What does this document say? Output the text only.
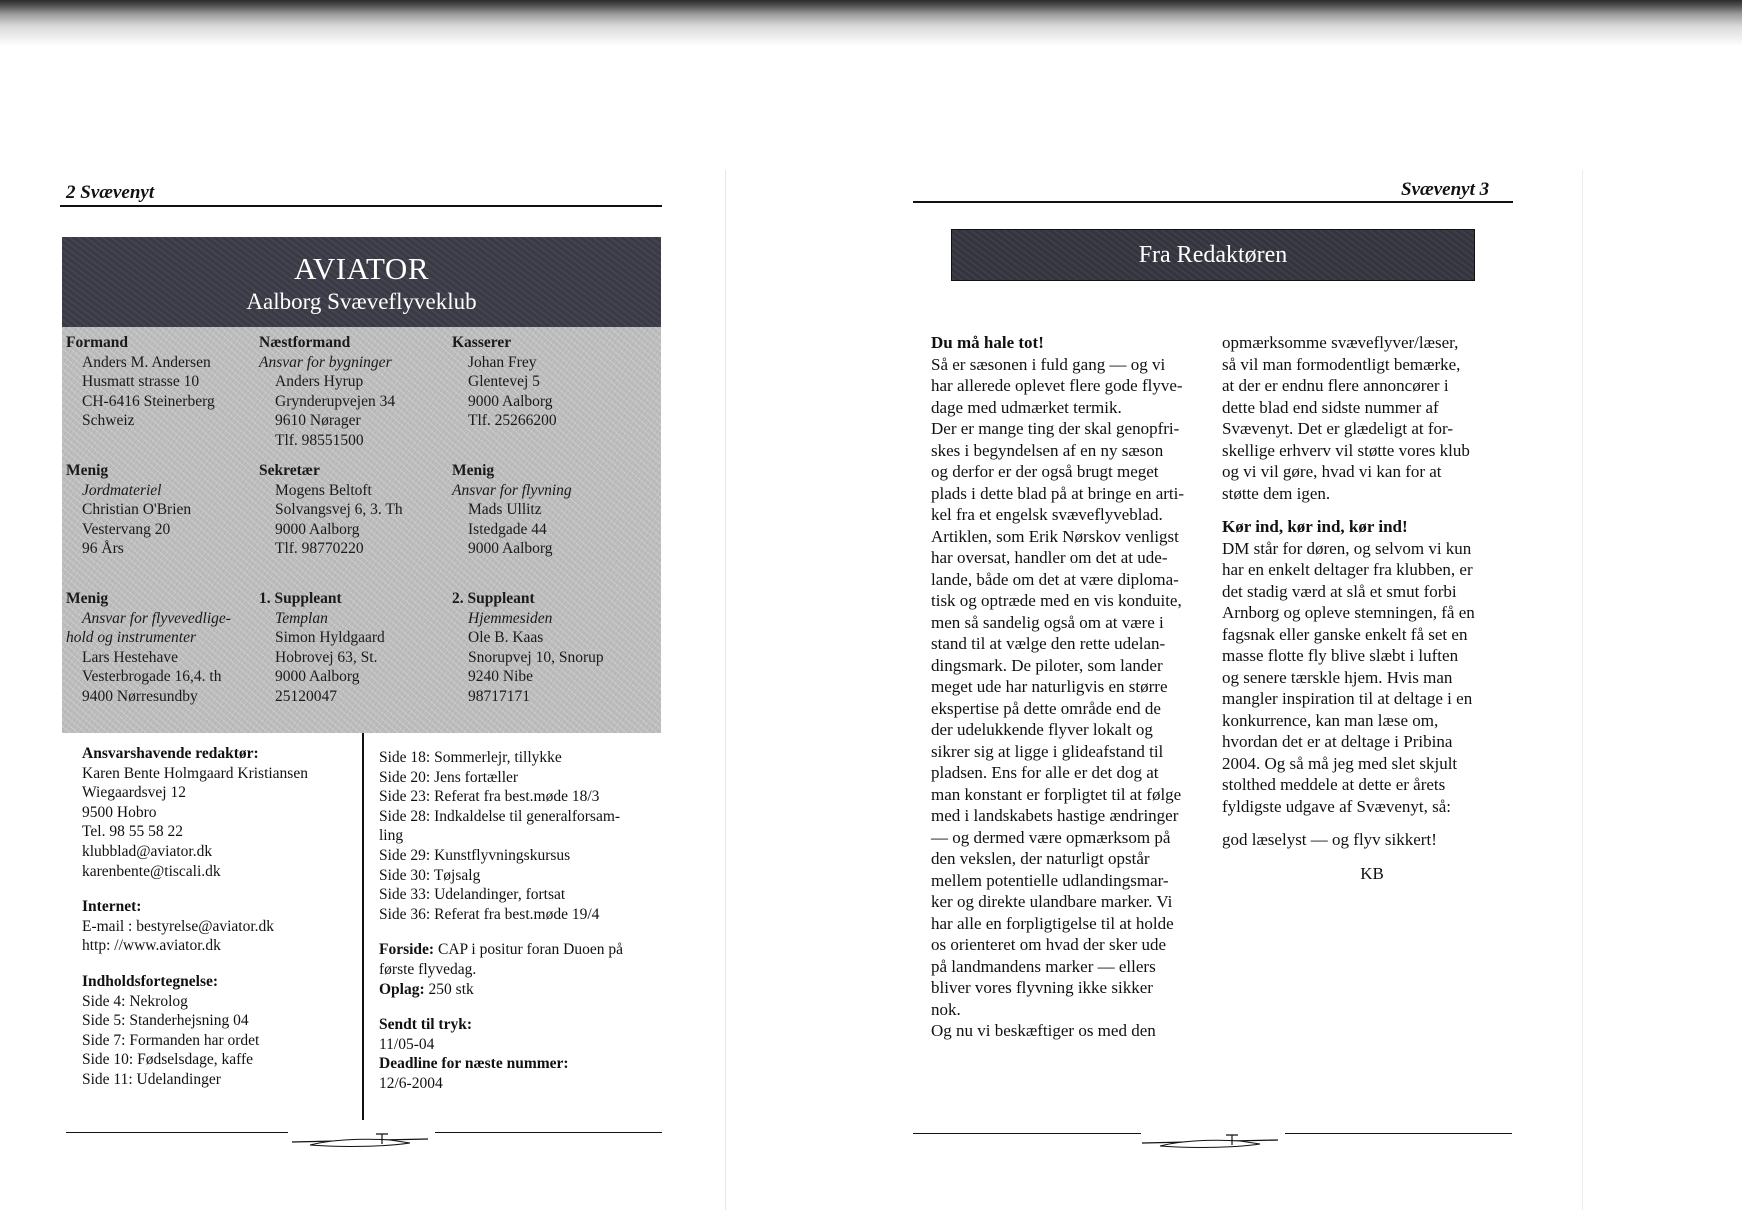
2 Svævenyt
AVIATOR
Aalborg Svæveflyveklub
Formand
Anders M. Andersen
Husmatt strasse 10
CH-6416 Steinerberg
Schweiz
Næstformand
Ansvar for bygninger
Anders Hyrup
Grynderupvejen 34
9610 Nørager
Tlf. 98551500
Kasserer
Johan Frey
Glentevej 5
9000 Aalborg
Tlf. 25266200
Menig
Jordmateriel
Christian O'Brien
Vestervang 20
96 Års
Sekretær
Mogens Beltoft
Solvangsvej 6, 3. Th
9000 Aalborg
Tlf. 98770220
Menig
Ansvar for flyvning
Mads Ullitz
Istedgade 44
9000 Aalborg
Menig
Ansvar for flyvevedlige-
hold og instrumenter
Lars Hestehave
Vesterbrogade 16,4. th
9400 Nørresundby
1. Suppleant
Templan
Simon Hyldgaard
Hobrovej 63, St.
9000 Aalborg
25120047
2. Suppleant
Hjemmesiden
Ole B. Kaas
Snorupvej 10, Snorup
9240 Nibe
98717171
Ansvarshavende redaktør:
Karen Bente Holmgaard Kristiansen
Wiegaardsvej 12
9500 Hobro
Tel. 98 55 58 22
klubblad@aviator.dk
karenbente@tiscali.dk
Internet:
E-mail : bestyrelse@aviator.dk
http: //www.aviator.dk
Indholdsfortegnelse:
Side 4: Nekrolog
Side 5: Standerhejsning 04
Side 7: Formanden har ordet
Side 10: Fødselsdage, kaffe
Side 11: Udelandinger
Side 18: Sommerlejr, tillykke
Side 20: Jens fortæller
Side 23: Referat fra best.møde 18/3
Side 28: Indkaldelse til generalforsam-
ling
Side 29: Kunstflyvningskursus
Side 30: Tøjsalg
Side 33: Udelandinger, fortsat
Side 36: Referat fra best.møde 19/4
Forside: CAP i positur foran Duoen på
første flyvedag.
Oplag: 250 stk
Sendt til tryk:
11/05-04
Deadline for næste nummer:
12/6-2004
Svævenyt 3
Fra Redaktøren
Du må hale tot!
Så er sæsonen i fuld gang — og vi
har allerede oplevet flere gode flyve-
dage med udmærket termik.
Der er mange ting der skal genopfri-
skes i begyndelsen af en ny sæson
og derfor er der også brugt meget
plads i dette blad på at bringe en arti-
kel fra et engelsk svæveflyveblad.
Artiklen, som Erik Nørskov venligst
har oversat, handler om det at ude-
lande, både om det at være diploma-
tisk og optræde med en vis konduite,
men så sandelig også om at være i
stand til at vælge den rette udelan-
dingsmark. De piloter, som lander
meget ude har naturligvis en større
ekspertise på dette område end de
der udelukkende flyver lokalt og
sikrer sig at ligge i glideafstand til
pladsen. Ens for alle er det dog at
man konstant er forpligtet til at følge
med i landskabets hastige ændringer
— og dermed være opmærksom på
den vekslen, der naturligt opstår
mellem potentielle udlandingsmar-
ker og direkte ulandbare marker. Vi
har alle en forpligtigelse til at holde
os orienteret om hvad der sker ude
på landmandens marker — ellers
bliver vores flyvning ikke sikker
nok.
Og nu vi beskæftiger os med den
opmærksomme svæveflyver/læser,
så vil man formodentligt bemærke,
at der er endnu flere annoncører i
dette blad end sidste nummer af
Svævenyt. Det er glædeligt at for-
skellige erhverv vil støtte vores klub
og vi vil gøre, hvad vi kan for at
støtte dem igen.
Kør ind, kør ind, kør ind!
DM står for døren, og selvom vi kun
har en enkelt deltager fra klubben, er
det stadig værd at slå et smut forbi
Arnborg og opleve stemningen, få en
fagsnak eller ganske enkelt få set en
masse flotte fly blive slæbt i luften
og senere tærskle hjem. Hvis man
mangler inspiration til at deltage i en
konkurrence, kan man læse om,
hvordan det er at deltage i Pribina
2004. Og så må jeg med slet skjult
stolthed meddele at dette er årets
fyldigste udgave af Svævenyt, så:
god læselyst — og flyv sikkert!
KB
